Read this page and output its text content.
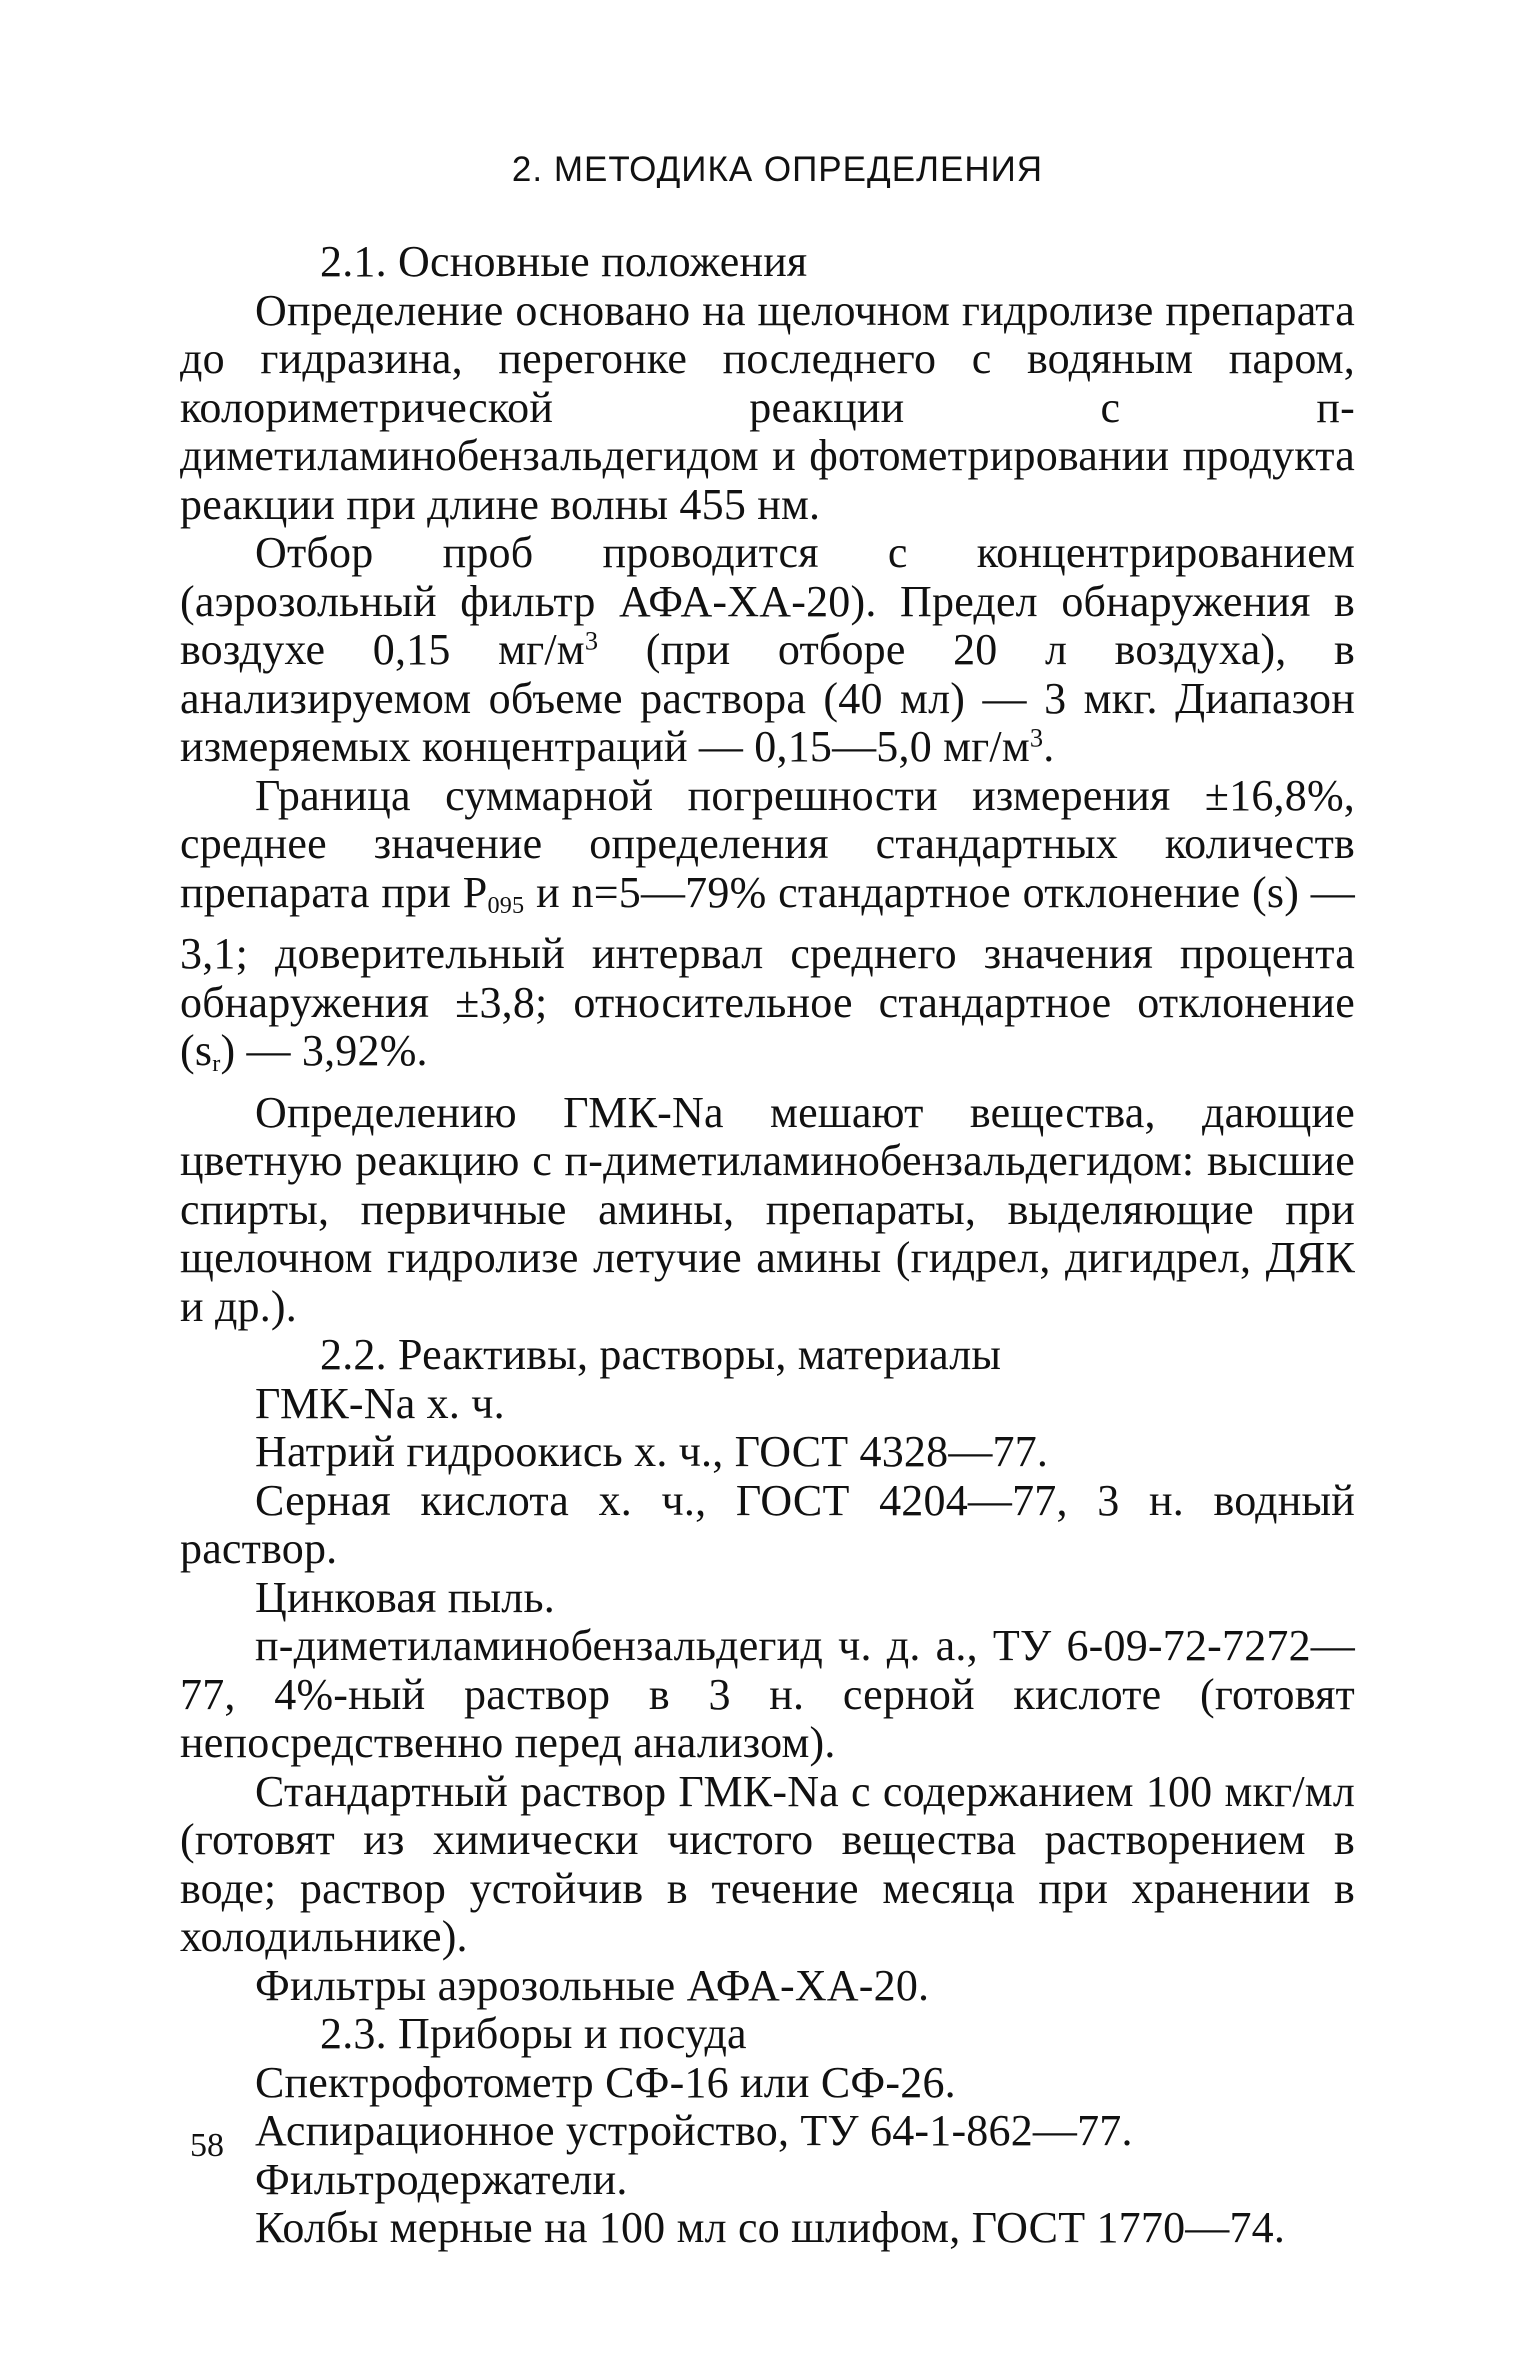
2. МЕТОДИКА ОПРЕДЕЛЕНИЯ

2.1. Основные положения

Определение основано на щелочном гидролизе препарата до гидразина, перегонке последнего с водяным паром, колориметрической реакции с п-диметиламинобензальдегидом и фотометрировании продукта реакции при длине волны 455 нм.

Отбор проб проводится с концентрированием (аэрозольный фильтр АФА-ХА-20). Предел обнаружения в воздухе 0,15 $мг/м^3$ (при отборе 20 л воздуха), в анализируемом объеме раствора (40 мл) — 3 мкг. Диапазон измеряемых концентраций — 0,15—5,0 $мг/м^3$.

Граница суммарной погрешности измерения ±16,8%, среднее значение определения стандартных количеств препарата при $P_{095}$ и n=5—79% стандартное отклонение (s) — 3,1; доверительный интервал среднего значения процента обнаружения ±3,8; относительное стандартное отклонение $(s_r)$ — 3,92%.

Определению ГМК-Na мешают вещества, дающие цветную реакцию с п-диметиламинобензальдегидом: высшие спирты, первичные амины, препараты, выделяющие при щелочном гидролизе летучие амины (гидрел, дигидрел, ДЯК и др.).

2.2. Реактивы, растворы, материалы

ГМК-Na х. ч.

Натрий гидроокись х. ч., ГОСТ 4328—77.

Серная кислота х. ч., ГОСТ 4204—77, 3 н. водный раствор.

Цинковая пыль.

п-диметиламинобензальдегид ч. д. а., ТУ 6-09-72-7272—77, 4%-ный раствор в 3 н. серной кислоте (готовят непосредственно перед анализом).

Стандартный раствор ГМК-Na с содержанием 100 мкг/мл (готовят из химически чистого вещества растворением в воде; раствор устойчив в течение месяца при хранении в холодильнике).

Фильтры аэрозольные АФА-ХА-20.

2.3. Приборы и посуда

Спектрофотометр СФ-16 или СФ-26.

Аспирационное устройство, ТУ 64-1-862—77.

Фильтродержатели.

Колбы мерные на 100 мл со шлифом, ГОСТ 1770—74.

58
